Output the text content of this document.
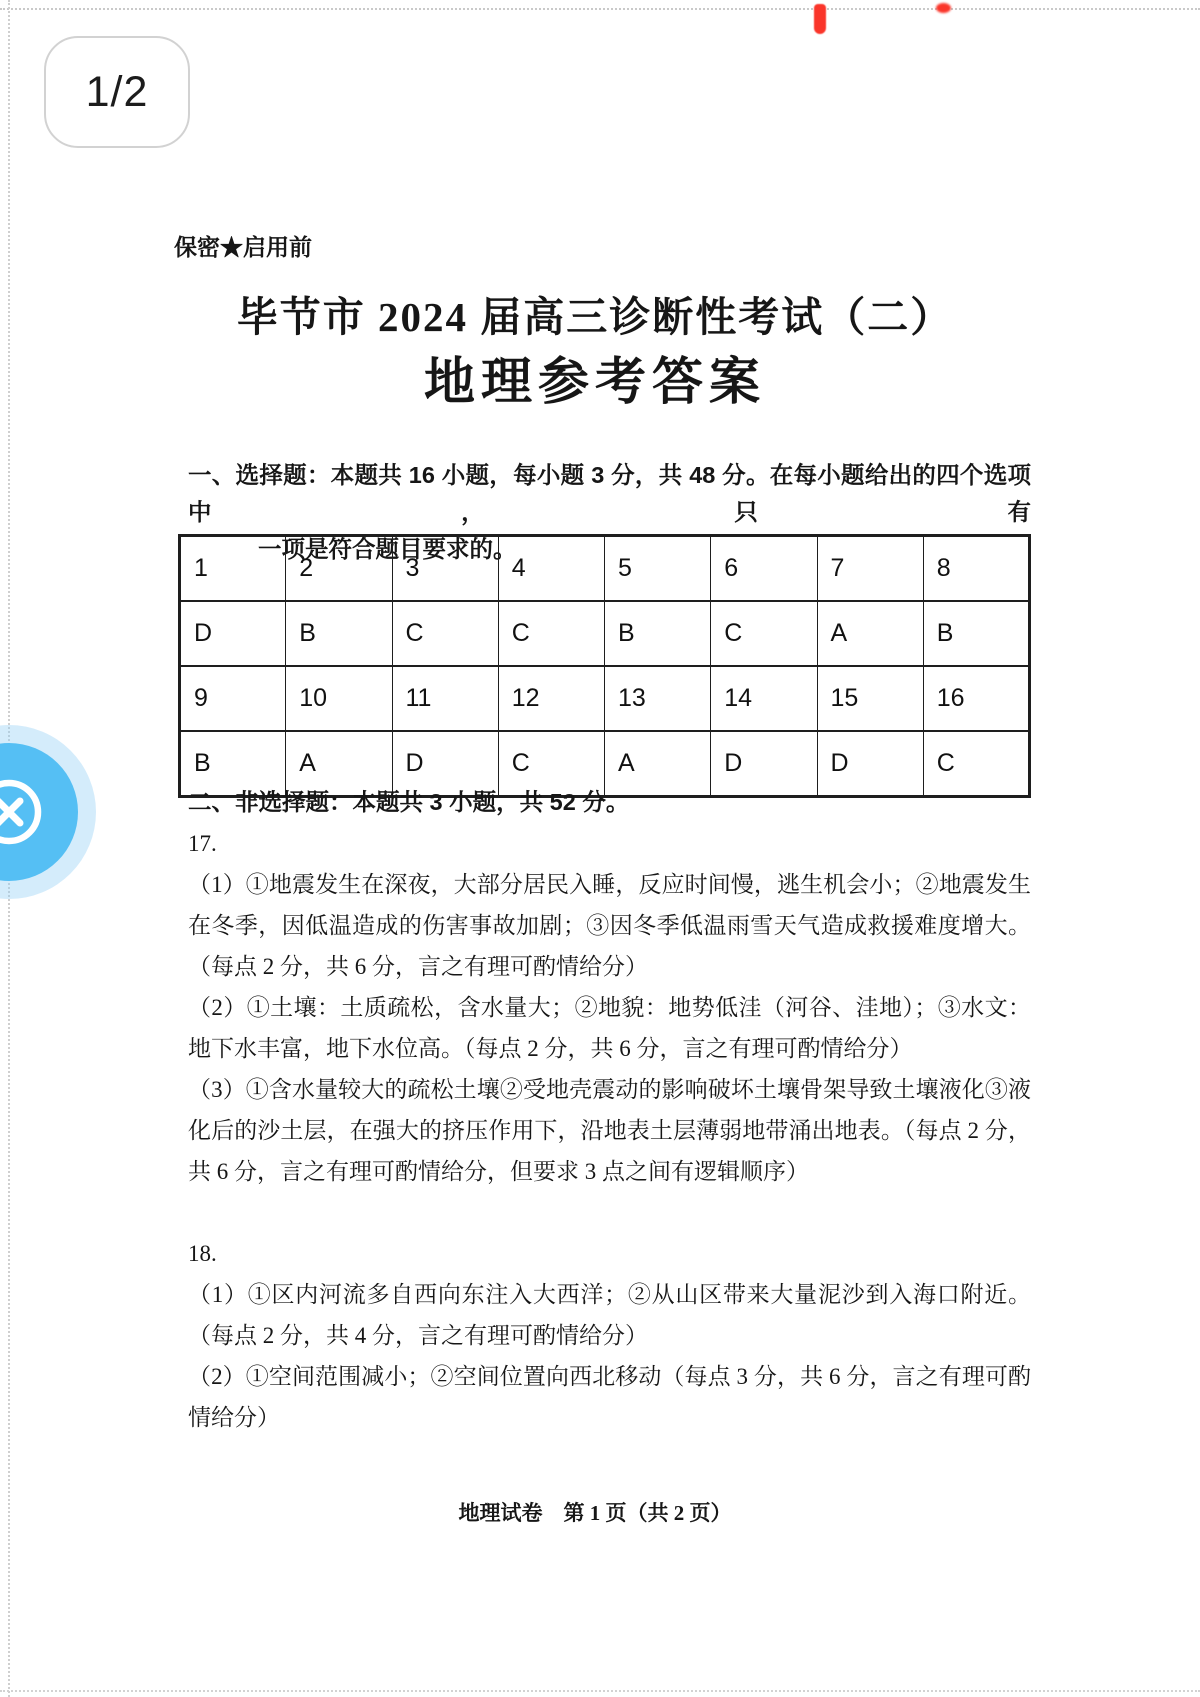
1/2
保密★启用前
毕节市 2024 届高三诊断性考试（二）
地理参考答案
一、选择题：本题共 16 小题，每小题 3 分，共 48 分。在每小题给出的四个选项中，只有
一项是符合题目要求的。
1	2	3	4	5	6	7	8
D	B	C	C	B	C	A	B
9	10	11	12	13	14	15	16
B	A	D	C	A	D	D	C
二、非选择题：本题共 3 小题，共 52 分。
17.

（1）①地震发生在深夜，大部分居民入睡，反应时间慢，逃生机会小；②地震发生在冬季，因低温造成的伤害事故加剧；③因冬季低温雨雪天气造成救援难度增大。（每点 2 分，共 6 分，言之有理可酌情给分）

（2）①土壤：土质疏松，含水量大；②地貌：地势低洼（河谷、洼地）；③水文：地下水丰富，地下水位高。（每点 2 分，共 6 分，言之有理可酌情给分）

（3）①含水量较大的疏松土壤②受地壳震动的影响破坏土壤骨架导致土壤液化③液化后的沙土层，在强大的挤压作用下，沿地表土层薄弱地带涌出地表。（每点 2 分，共 6 分，言之有理可酌情给分，但要求 3 点之间有逻辑顺序）

18.

（1）①区内河流多自西向东注入大西洋；②从山区带来大量泥沙到入海口附近。（每点 2 分，共 4 分，言之有理可酌情给分）

（2）①空间范围减小；②空间位置向西北移动（每点 3 分，共 6 分，言之有理可酌情给分）

地理试卷　第 1 页（共 2 页）
